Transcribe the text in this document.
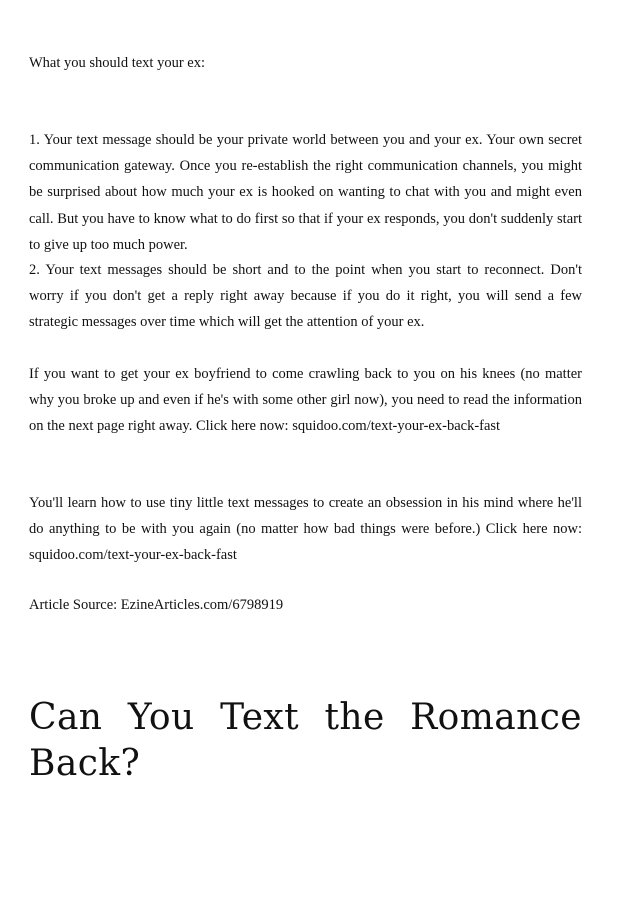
What you should text your ex:

1. Your text message should be your private world between you and your ex. Your own secret communication gateway. Once you re-establish the right communication channels, you might be surprised about how much your ex is hooked on wanting to chat with you and might even call. But you have to know what to do first so that if your ex responds, you don't suddenly start to give up too much power.

2. Your text messages should be short and to the point when you start to reconnect. Don't worry if you don't get a reply right away because if you do it right, you will send a few strategic messages over time which will get the attention of your ex.

If you want to get your ex boyfriend to come crawling back to you on his knees (no matter why you broke up and even if he's with some other girl now), you need to read the information on the next page right away. Click here now: squidoo.com/text-your-ex-back-fast

You'll learn how to use tiny little text messages to create an obsession in his mind where he'll do anything to be with you again (no matter how bad things were before.) Click here now: squidoo.com/text-your-ex-back-fast

Article Source: EzineArticles.com/6798919

Can You Text the Romance Back?
